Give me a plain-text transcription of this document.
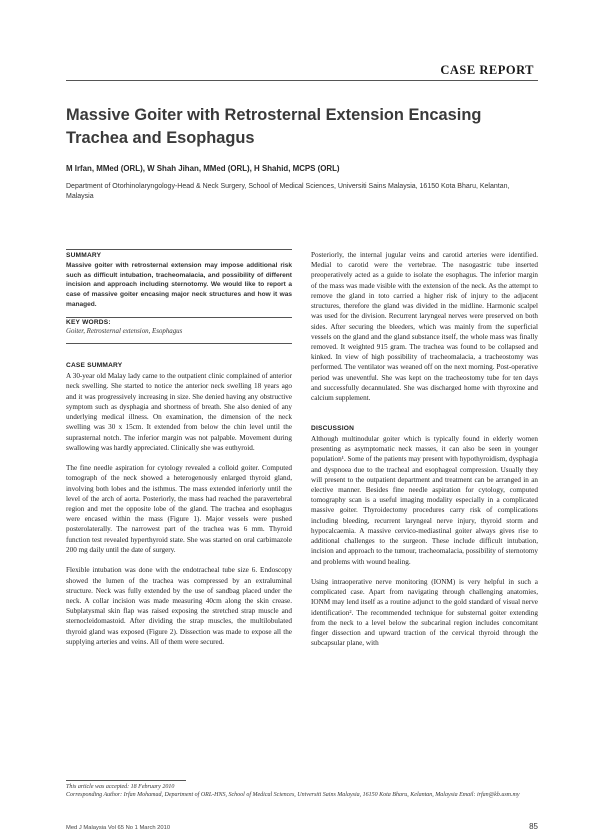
CASE REPORT
Massive Goiter with Retrosternal Extension Encasing Trachea and Esophagus
M Irfan, MMed (ORL), W Shah Jihan, MMed (ORL), H Shahid, MCPS (ORL)
Department of Otorhinolaryngology-Head & Neck Surgery, School of Medical Sciences, Universiti Sains Malaysia, 16150 Kota Bharu, Kelantan, Malaysia
SUMMARY
Massive goiter with retrosternal extension may impose additional risk such as difficult intubation, tracheomalacia, and possibility of different incision and approach including sternotomy. We would like to report a case of massive goiter encasing major neck structures and how it was managed.
KEY WORDS:
Goiter, Retrosternal extension, Esophagus
CASE SUMMARY

A 30-year old Malay lady came to the outpatient clinic complained of anterior neck swelling. She started to notice the anterior neck swelling 18 years ago and it was progressively increasing in size. She denied having any obstructive symptom such as dysphagia and shortness of breath. She also denied of any underlying medical illness. On examination, the dimension of the neck swelling was 30 x 15cm. It extended from below the chin level until the suprasternal notch. The inferior margin was not palpable. Movement during swallowing was hardly appreciated. Clinically she was euthyroid.

The fine needle aspiration for cytology revealed a colloid goiter. Computed tomograph of the neck showed a heterogenously enlarged thyroid gland, involving both lobes and the isthmus. The mass extended inferiorly until the level of the arch of aorta. Posteriorly, the mass had reached the paravertebral region and met the opposite lobe of the gland. The trachea and esophagus were encased within the mass (Figure 1). Major vessels were pushed posterolaterally. The narrowest part of the trachea was 6 mm. Thyroid function test revealed hyperthyroid state. She was started on oral carbimazole 200 mg daily until the date of surgery.

Flexible intubation was done with the endotracheal tube size 6. Endoscopy showed the lumen of the trachea was compressed by an extraluminal structure. Neck was fully extended by the use of sandbag placed under the neck. A collar incision was made measuring 40cm along the skin crease. Subplatysmal skin flap was raised exposing the stretched strap muscle and sternocleidomastoid. After dividing the strap muscles, the multilobulated thyroid gland was exposed (Figure 2). Dissection was made to expose all the supplying arteries and veins. All of them were secured.

Posteriorly, the internal jugular veins and carotid arteries were identified. Medial to carotid were the vertebrae. The nasogastric tube inserted preoperatively acted as a guide to isolate the esophagus. The inferior margin of the mass was made visible with the extension of the neck. As the attempt to remove the gland in toto carried a higher risk of injury to the adjacent structures, therefore the gland was divided in the midline. Harmonic scalpel was used for the division. Recurrent laryngeal nerves were preserved on both sides. After securing the bleeders, which was mainly from the superficial vessels on the gland and the gland substance itself, the whole mass was finally removed. It weighted 915 gram. The trachea was found to be collapsed and kinked. In view of high possibility of tracheomalacia, a tracheostomy was performed. The ventilator was weaned off on the next morning. Post-operative period was uneventful. She was kept on the tracheostomy tube for ten days and successfully decannulated. She was discharged home with thyroxine and calcium supplement.

DISCUSSION

Although multinodular goiter which is typically found in elderly women presenting as asymptomatic neck masses, it can also be seen in younger population¹. Some of the patients may present with hypothyroidism, dysphagia and dyspnoea due to the tracheal and esophageal compression. Usually they will present to the outpatient department and treatment can be arranged in an elective manner. Besides fine needle aspiration for cytology, computed tomography scan is a useful imaging modality especially in a complicated massive goiter. Thyroidectomy procedures carry risk of complications including bleeding, recurrent laryngeal nerve injury, thyroid storm and hypocalcaemia. A massive cervico-mediastinal goiter always gives rise to additional challenges to the surgeon. These include difficult intubation, incision and approach to the tumour, tracheomalacia, possibility of sternotomy and problems with wound healing.

Using intraoperative nerve monitoring (IONM) is very helpful in such a complicated case. Apart from navigating through challenging anatomies, IONM may lend itself as a routine adjunct to the gold standard of visual nerve identification². The recommended technique for substernal goiter extending from the neck to a level below the subcarinal region includes concomitant finger dissection and upward traction of the cervical thyroid through the subcapsular plane, with

This article was accepted: 18 February 2010
Corresponding Author: Irfan Mohamad, Department of ORL-HNS, School of Medical Sciences, Universiti Sains Malaysia, 16150 Kota Bharu, Kelantan, Malaysia Email: irfan@kb.usm.my
Med J Malaysia Vol 65 No 1 March 2010	85
